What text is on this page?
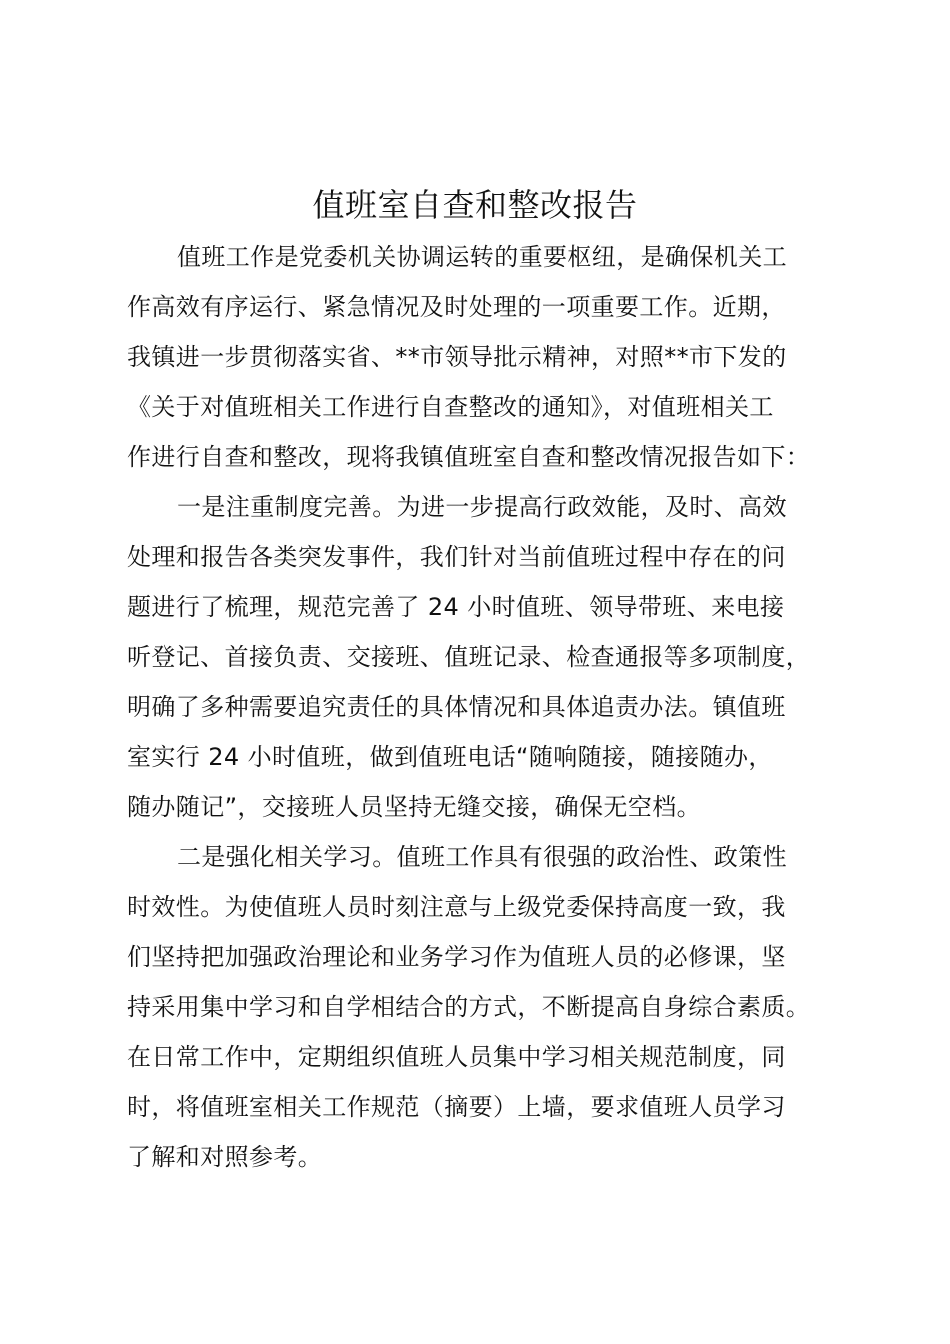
值班室自查和整改报告
值班工作是党委机关协调运转的重要枢纽，是确保机关工
作高效有序运行、紧急情况及时处理的一项重要工作。近期，
我镇进一步贯彻落实省、**市领导批示精神，对照**市下发的
《关于对值班相关工作进行自查整改的通知》，对值班相关工
作进行自查和整改，现将我镇值班室自查和整改情况报告如下：
一是注重制度完善。为进一步提高行政效能，及时、高效
处理和报告各类突发事件，我们针对当前值班过程中存在的问
题进行了梳理，规范完善了 24 小时值班、领导带班、来电接
听登记、首接负责、交接班、值班记录、检查通报等多项制度，
明确了多种需要追究责任的具体情况和具体追责办法。镇值班
室实行 24 小时值班，做到值班电话“随响随接，随接随办，
随办随记”，交接班人员坚持无缝交接，确保无空档。
二是强化相关学习。值班工作具有很强的政治性、政策性
时效性。为使值班人员时刻注意与上级党委保持高度一致，我
们坚持把加强政治理论和业务学习作为值班人员的必修课，坚
持采用集中学习和自学相结合的方式，不断提高自身综合素质。
在日常工作中，定期组织值班人员集中学习相关规范制度，同
时，将值班室相关工作规范（摘要）上墙，要求值班人员学习
了解和对照参考。
